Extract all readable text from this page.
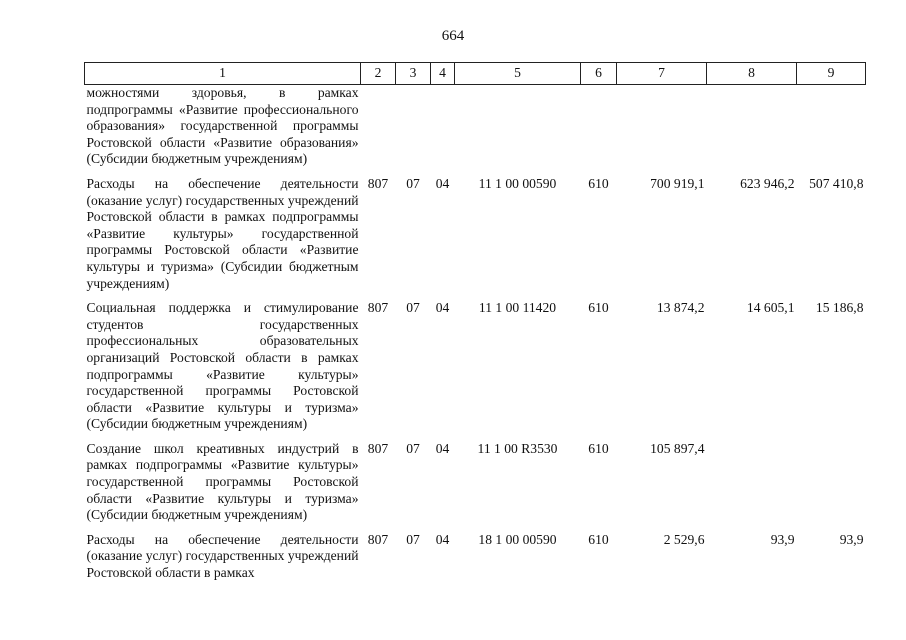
664
1	2	3	4	5	6	7	8	9
можностями здоровья, в рамках подпрограммы «Развитие профессионального образования» государственной программы Ростовской области «Развитие образования» (Субсидии бюджетным учреждениям)								
Расходы на обеспечение деятельности (оказание услуг) государственных учреждений Ростовской области в рамках подпрограммы «Развитие культуры» государственной программы Ростовской области «Развитие культуры и туризма» (Субсидии бюджетным учреждениям)	807	07	04	11 1 00 00590	610	700 919,1	623 946,2	507 410,8
Социальная поддержка и стимулирование студентов государственных профессиональных образовательных организаций Ростовской области в рамках подпрограммы «Развитие культуры» государственной программы Ростовской области «Развитие культуры и туризма» (Субсидии бюджетным учреждениям)	807	07	04	11 1 00 11420	610	13 874,2	14 605,1	15 186,8
Создание школ креативных индустрий в рамках подпрограммы «Развитие культуры» государственной программы Ростовской области «Развитие культуры и туризма» (Субсидии бюджетным учреждениям)	807	07	04	11 1 00 R3530	610	105 897,4		
Расходы на обеспечение деятельности (оказание услуг) государственных учреждений Ростовской области в рамках	807	07	04	18 1 00 00590	610	2 529,6	93,9	93,9
